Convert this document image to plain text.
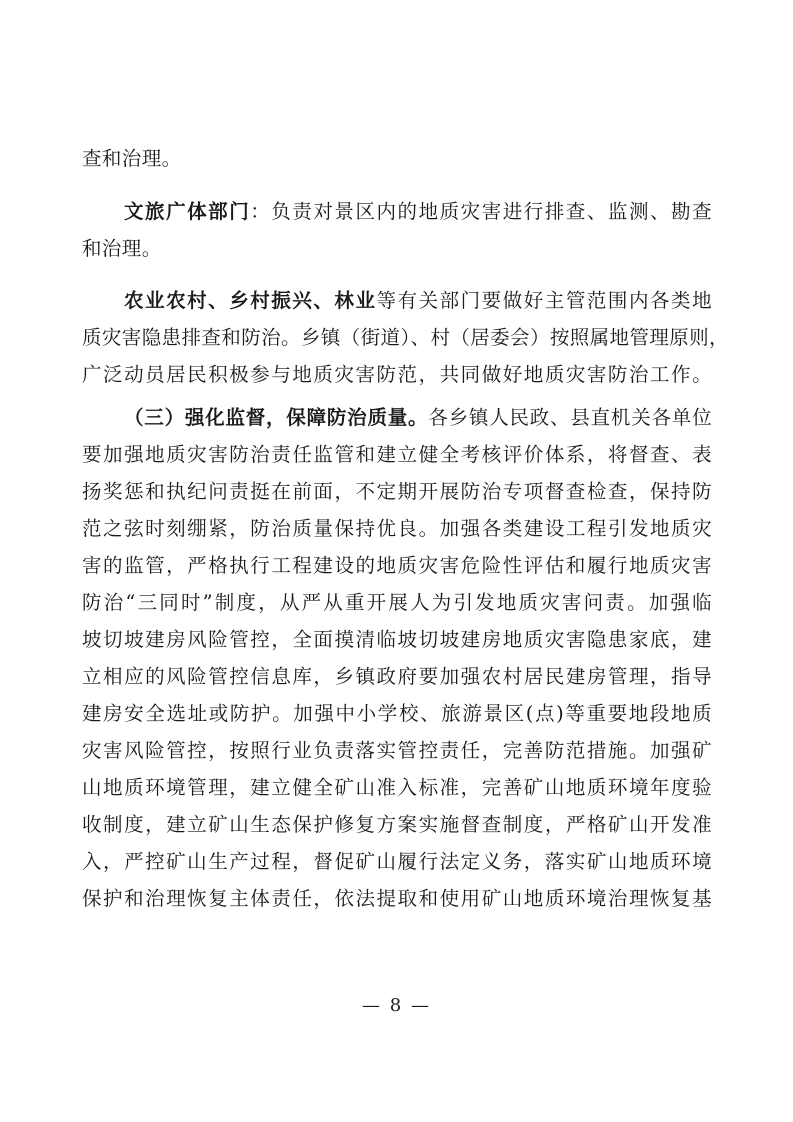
查和治理。
文旅广体部门：负责对景区内的地质灾害进行排查、监测、勘查
和治理。
农业农村、乡村振兴、林业等有关部门要做好主管范围内各类地
质灾害隐患排查和防治。乡镇（街道）、村（居委会）按照属地管理原则，
广泛动员居民积极参与地质灾害防范，共同做好地质灾害防治工作。
（三）强化监督，保障防治质量。各乡镇人民政、县直机关各单位
要加强地质灾害防治责任监管和建立健全考核评价体系，将督查、表
扬奖惩和执纪问责挺在前面，不定期开展防治专项督查检查，保持防
范之弦时刻绷紧，防治质量保持优良。加强各类建设工程引发地质灾
害的监管，严格执行工程建设的地质灾害危险性评估和履行地质灾害
防治“三同时”制度，从严从重开展人为引发地质灾害问责。加强临
坡切坡建房风险管控，全面摸清临坡切坡建房地质灾害隐患家底，建
立相应的风险管控信息库，乡镇政府要加强农村居民建房管理，指导
建房安全选址或防护。加强中小学校、旅游景区(点)等重要地段地质
灾害风险管控，按照行业负责落实管控责任，完善防范措施。加强矿
山地质环境管理，建立健全矿山准入标准，完善矿山地质环境年度验
收制度，建立矿山生态保护修复方案实施督查制度，严格矿山开发准
入，严控矿山生产过程，督促矿山履行法定义务，落实矿山地质环境
保护和治理恢复主体责任，依法提取和使用矿山地质环境治理恢复基
— 8 —
